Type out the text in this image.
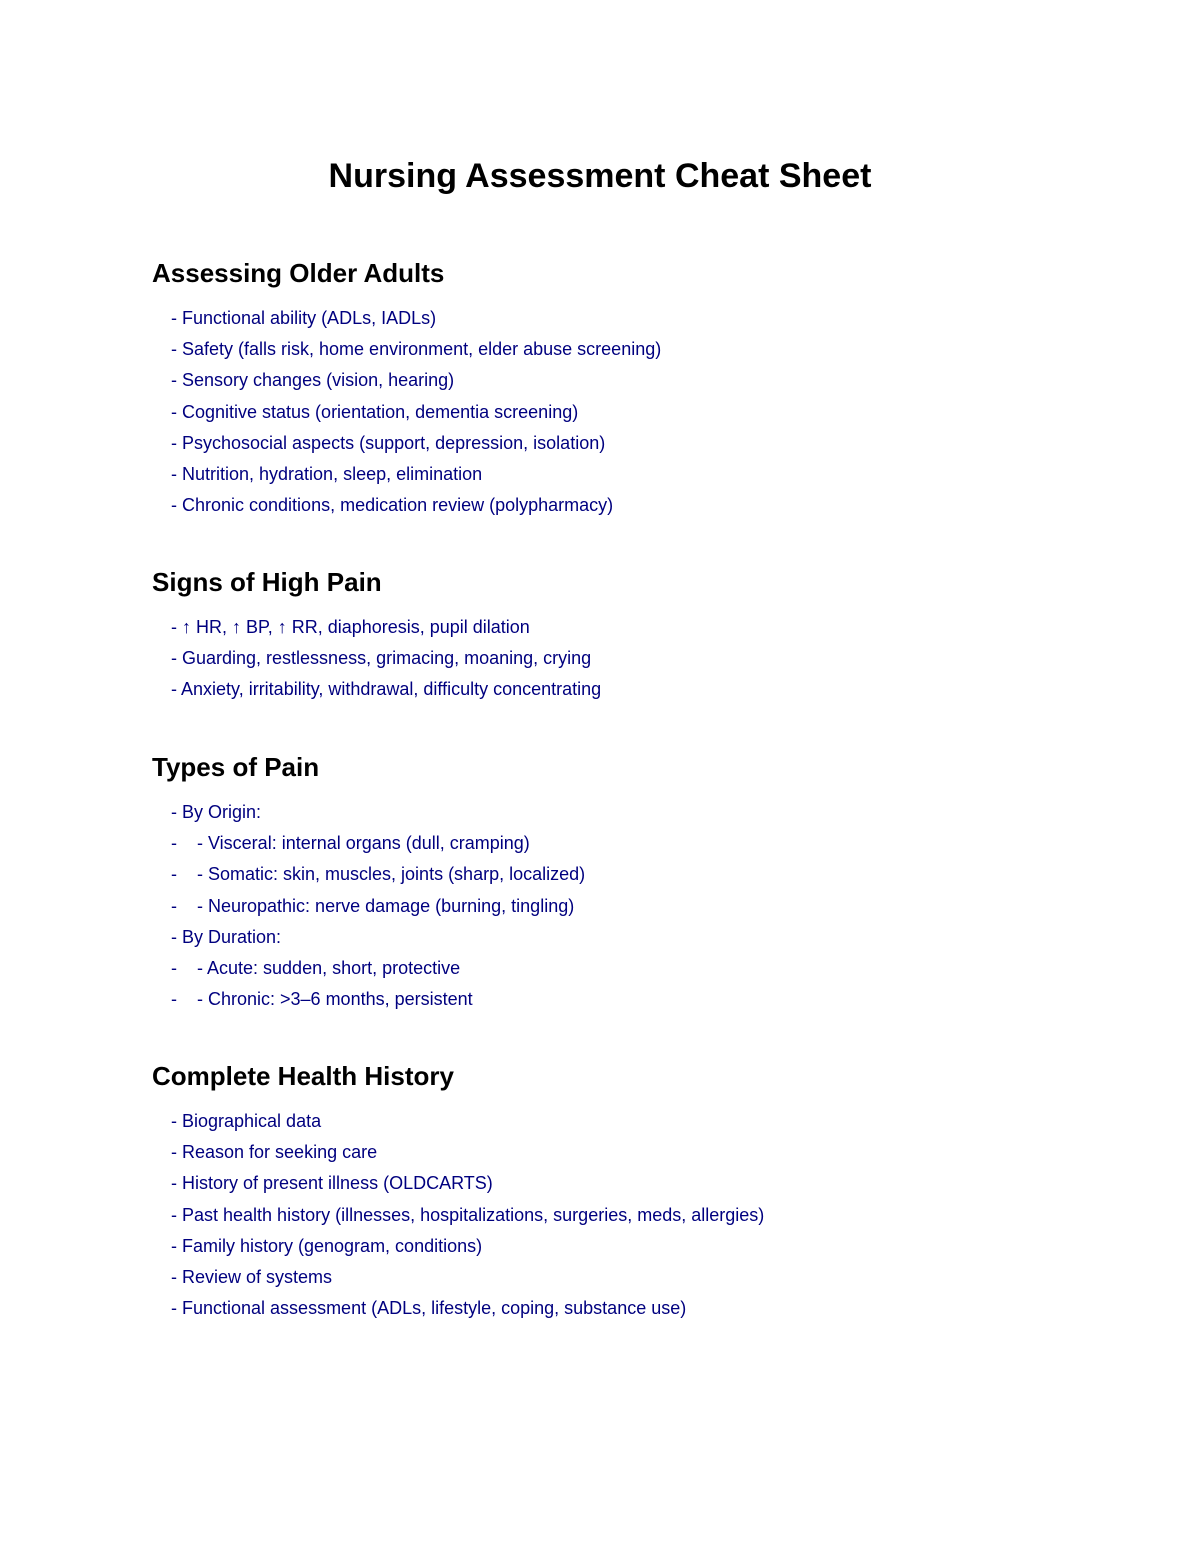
Nursing Assessment Cheat Sheet
Assessing Older Adults
- Functional ability (ADLs, IADLs)
- Safety (falls risk, home environment, elder abuse screening)
- Sensory changes (vision, hearing)
- Cognitive status (orientation, dementia screening)
- Psychosocial aspects (support, depression, isolation)
- Nutrition, hydration, sleep, elimination
- Chronic conditions, medication review (polypharmacy)
Signs of High Pain
- ↑ HR, ↑ BP, ↑ RR, diaphoresis, pupil dilation
- Guarding, restlessness, grimacing, moaning, crying
- Anxiety, irritability, withdrawal, difficulty concentrating
Types of Pain
- By Origin:
-    - Visceral: internal organs (dull, cramping)
-    - Somatic: skin, muscles, joints (sharp, localized)
-    - Neuropathic: nerve damage (burning, tingling)
- By Duration:
-    - Acute: sudden, short, protective
-    - Chronic: >3–6 months, persistent
Complete Health History
- Biographical data
- Reason for seeking care
- History of present illness (OLDCARTS)
- Past health history (illnesses, hospitalizations, surgeries, meds, allergies)
- Family history (genogram, conditions)
- Review of systems
- Functional assessment (ADLs, lifestyle, coping, substance use)
